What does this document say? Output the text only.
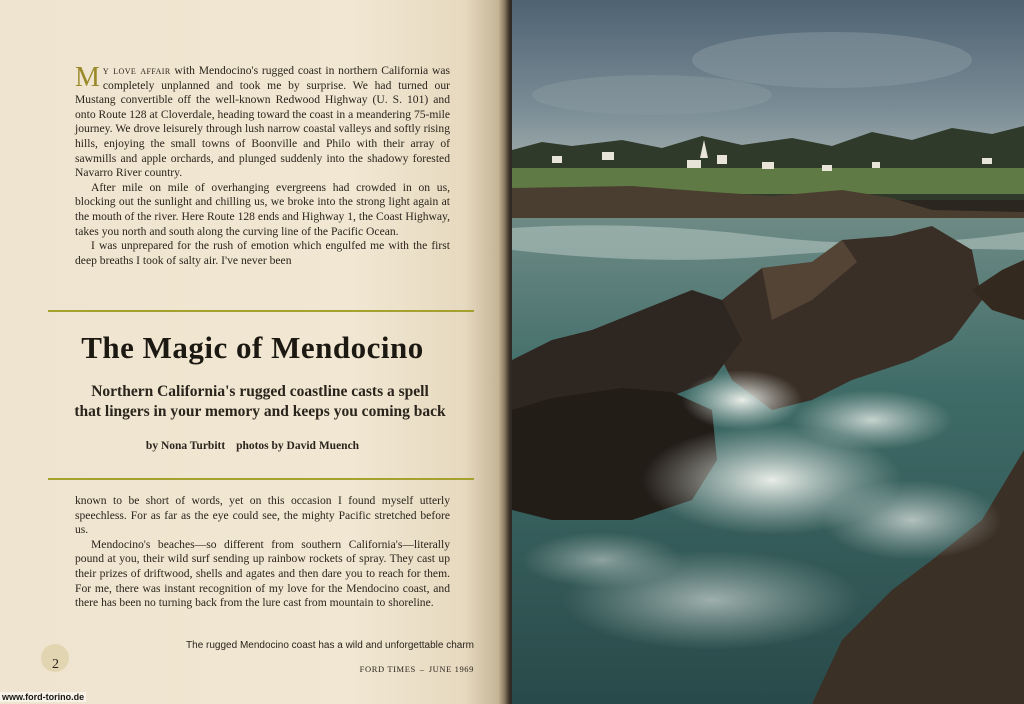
My love affair with Mendocino's rugged coast in northern California was completely unplanned and took me by surprise. We had turned our Mustang convertible off the well-known Redwood Highway (U. S. 101) and onto Route 128 at Cloverdale, heading toward the coast in a meandering 75-mile journey. We drove leisurely through lush narrow coastal valleys and softly rising hills, enjoying the small towns of Boonville and Philo with their array of sawmills and apple orchards, and plunged suddenly into the shadowy forested Navarro River country.

After mile on mile of overhanging evergreens had crowded in on us, blocking out the sunlight and chilling us, we broke into the strong light again at the mouth of the river. Here Route 128 ends and Highway 1, the Coast Highway, takes you north and south along the curving line of the Pacific Ocean.

I was unprepared for the rush of emotion which engulfed me with the first deep breaths I took of salty air. I've never been

The Magic of Mendocino
Northern California's rugged coastline casts a spell
that lingers in your memory and keeps you coming back
by Nona Turbitt photos by David Muench

known to be short of words, yet on this occasion I found myself utterly speechless. For as far as the eye could see, the mighty Pacific stretched before us.

Mendocino's beaches—so different from southern California's—literally pound at you, their wild surf sending up rainbow rockets of spray. They cast up their prizes of driftwood, shells and agates and then dare you to reach for them. For me, there was instant recognition of my love for the Mendocino coast, and there has been no turning back from the lure cast from mountain to shoreline.

The rugged Mendocino coast has a wild and unforgettable charm
2	FORD TIMES – JUNE 1969
www.ford-torino.de
